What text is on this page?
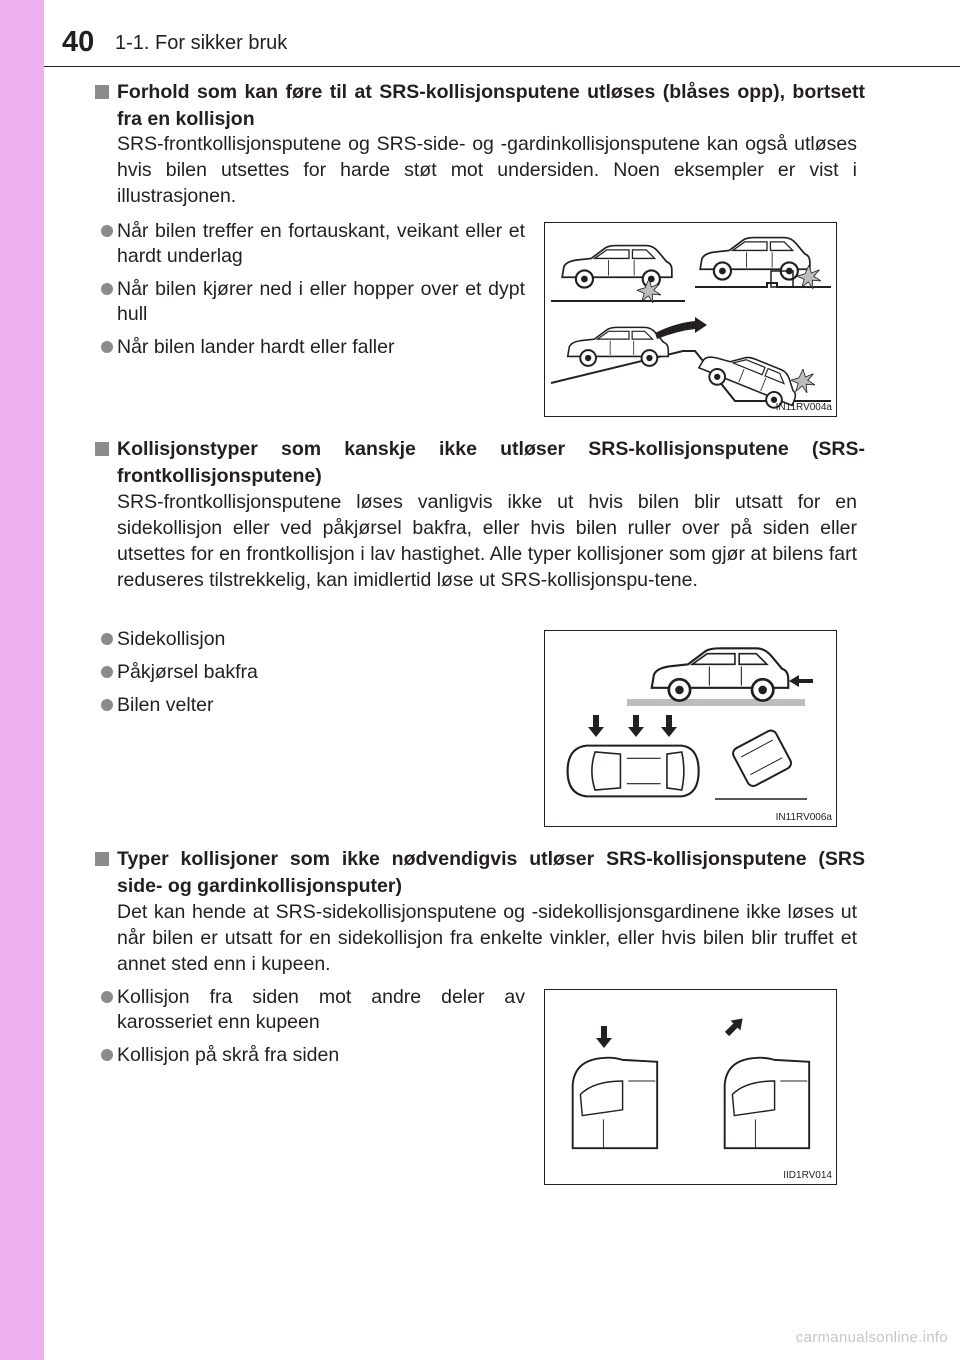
40 1-1. For sikker bruk
Forhold som kan føre til at SRS-kollisjonsputene utløses (blåses opp), bortsett fra en kollisjon

SRS-frontkollisjonsputene og SRS-side- og -gardinkollisjonsputene kan også utløses hvis bilen utsettes for harde støt mot undersiden. Noen eksempler er vist i illustrasjonen.

Når bilen treffer en fortauskant, veikant eller et hardt underlag
Når bilen kjører ned i eller hopper over et dypt hull
Når bilen lander hardt eller faller
IN11RV004a
Kollisjonstyper som kanskje ikke utløser SRS-kollisjonsputene (SRS-frontkollisjonsputene)

SRS-frontkollisjonsputene løses vanligvis ikke ut hvis bilen blir utsatt for en sidekollisjon eller ved påkjørsel bakfra, eller hvis bilen ruller over på siden eller utsettes for en frontkollisjon i lav hastighet. Alle typer kollisjoner som gjør at bilens fart reduseres tilstrekkelig, kan imidlertid løse ut SRS-kollisjonspu-tene.

Sidekollisjon
Påkjørsel bakfra
Bilen velter
IN11RV006a
Typer kollisjoner som ikke nødvendigvis utløser SRS-kollisjonsputene (SRS side- og gardinkollisjonsputer)

Det kan hende at SRS-sidekollisjonsputene og -sidekollisjonsgardinene ikke løses ut når bilen er utsatt for en sidekollisjon fra enkelte vinkler, eller hvis bilen blir truffet et annet sted enn i kupeen.

Kollisjon fra siden mot andre deler av karosseriet enn kupeen
Kollisjon på skrå fra siden
IID1RV014
carmanualsonline.info
